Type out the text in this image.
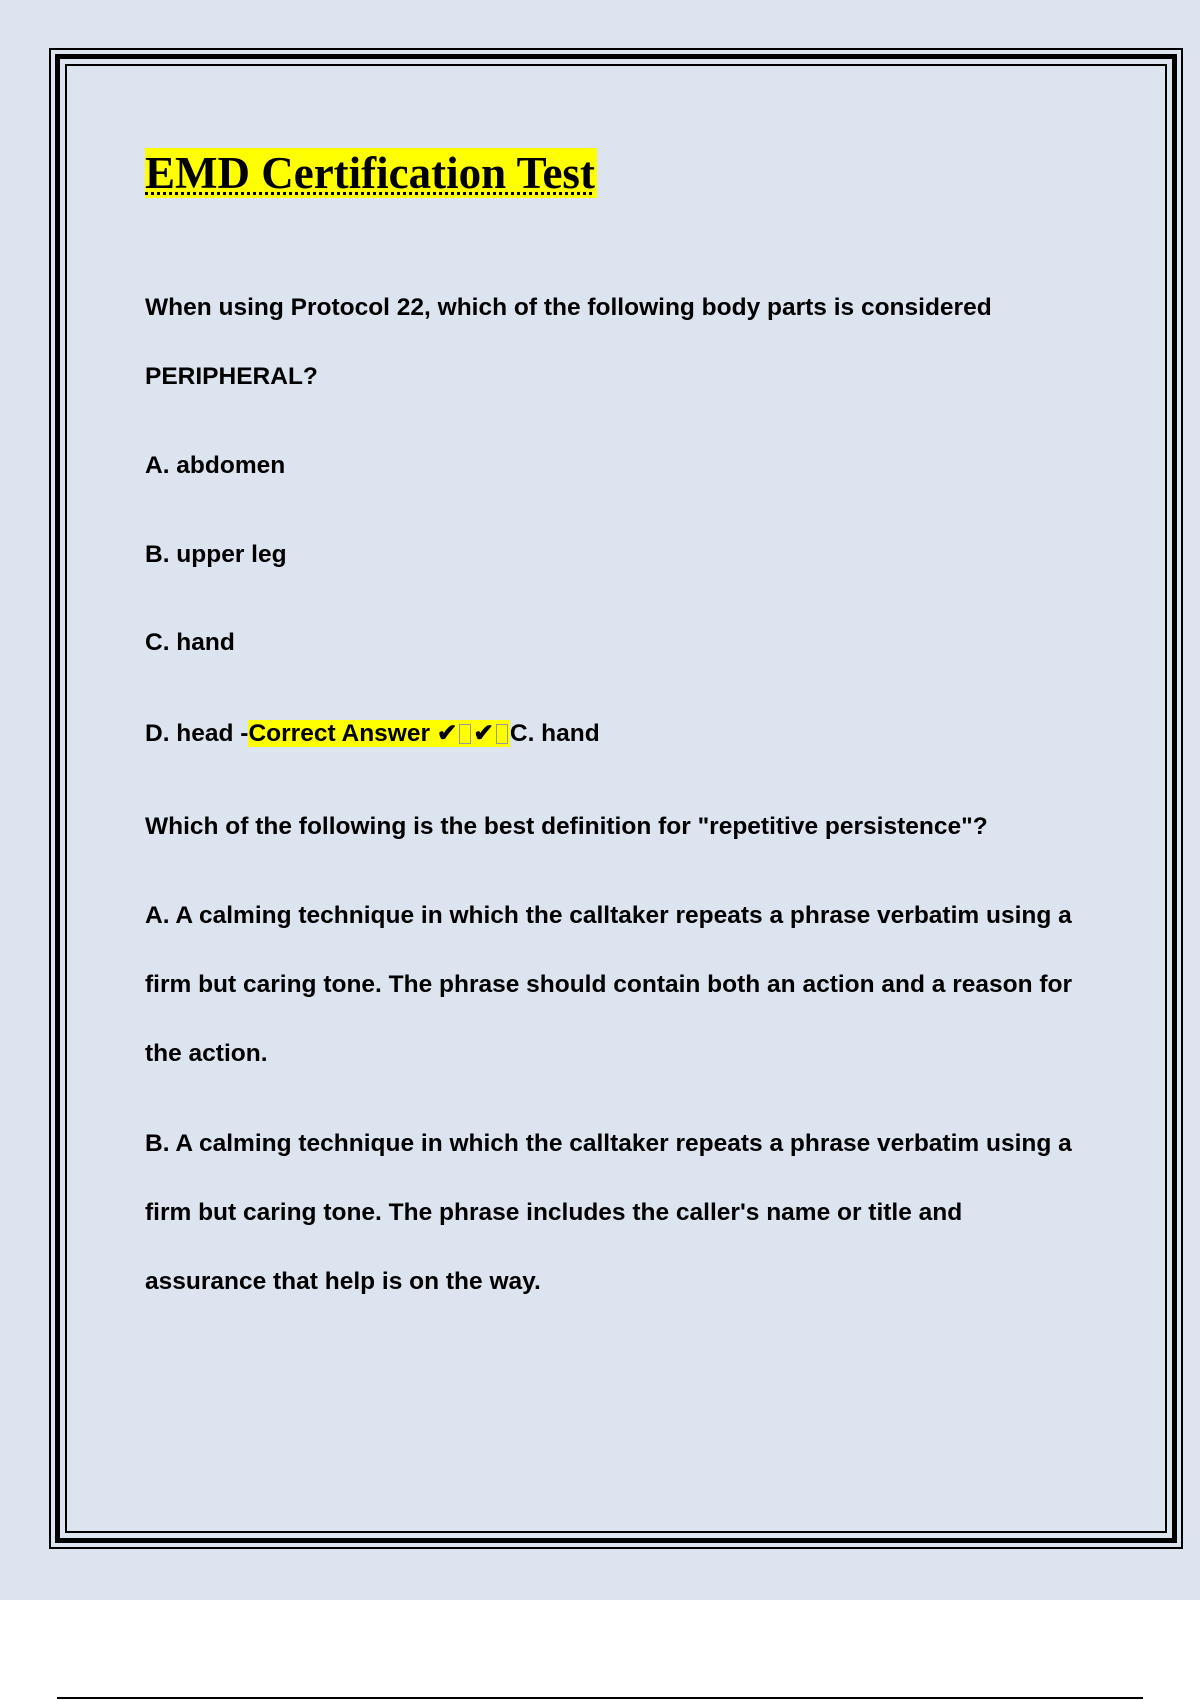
EMD Certification Test

When using Protocol 22, which of the following body parts is considered

PERIPHERAL?

A. abdomen

B. upper leg

C. hand

D. head -Correct Answer ✔ ✔ C. hand

Which of the following is the best definition for "repetitive persistence"?

A. A calming technique in which the calltaker repeats a phrase verbatim using a

firm but caring tone. The phrase should contain both an action and a reason for

the action.

B. A calming technique in which the calltaker repeats a phrase verbatim using a

firm but caring tone. The phrase includes the caller's name or title and

assurance that help is on the way.
